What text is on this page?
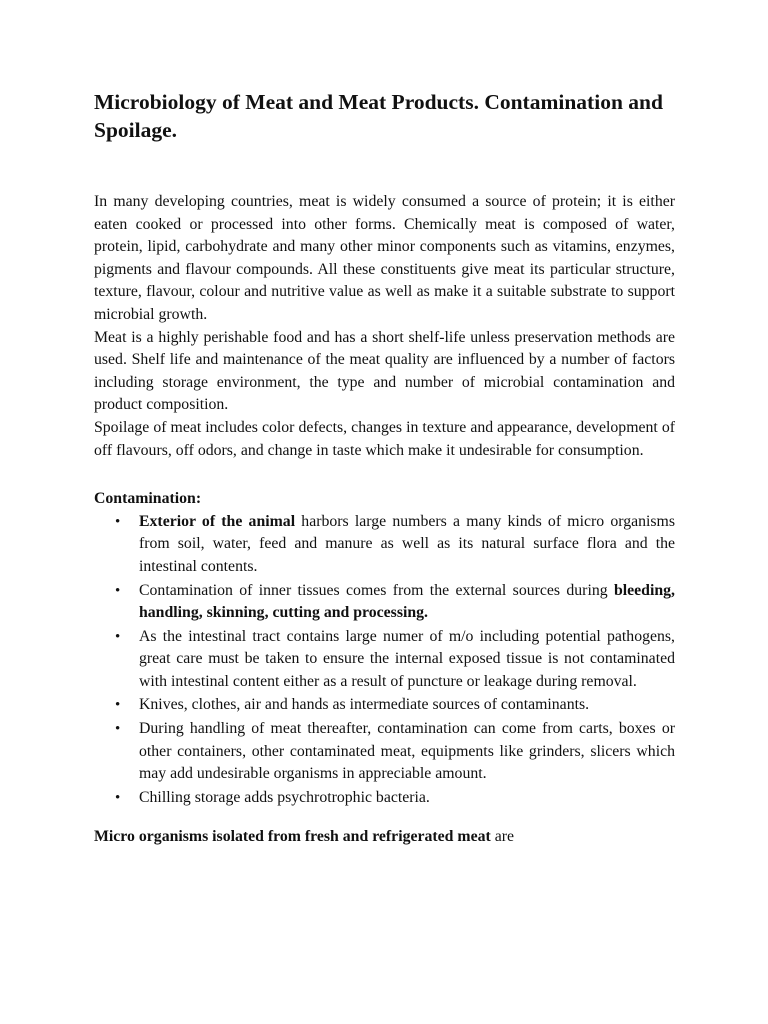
Microbiology of Meat and Meat Products. Contamination and Spoilage.

In many developing countries, meat is widely consumed a source of protein; it is either eaten cooked or processed into other forms. Chemically meat is composed of water, protein, lipid, carbohydrate and many other minor components such as vitamins, enzymes, pigments and flavour compounds. All these constituents give meat its particular structure, texture, flavour, colour and nutritive value as well as make it a suitable substrate to support microbial growth.

Meat is a highly perishable food and has a short shelf-life unless preservation methods are used. Shelf life and maintenance of the meat quality are influenced by a number of factors including storage environment, the type and number of microbial contamination and product composition.

Spoilage of meat includes color defects, changes in texture and appearance, development of off flavours, off odors, and change in taste which make it undesirable for consumption.

Contamination:
• Exterior of the animal harbors large numbers a many kinds of micro organisms from soil, water, feed and manure as well as its natural surface flora and the intestinal contents.
• Contamination of inner tissues comes from the external sources during bleeding, handling, skinning, cutting and processing.
• As the intestinal tract contains large numer of m/o including potential pathogens, great care must be taken to ensure the internal exposed tissue is not contaminated with intestinal content either as a result of puncture or leakage during removal.
• Knives, clothes, air and hands as intermediate sources of contaminants.
• During handling of meat thereafter, contamination can come from carts, boxes or other containers, other contaminated meat, equipments like grinders, slicers which may add undesirable organisms in appreciable amount.
• Chilling storage adds psychrotrophic bacteria.

Micro organisms isolated from fresh and refrigerated meat are
